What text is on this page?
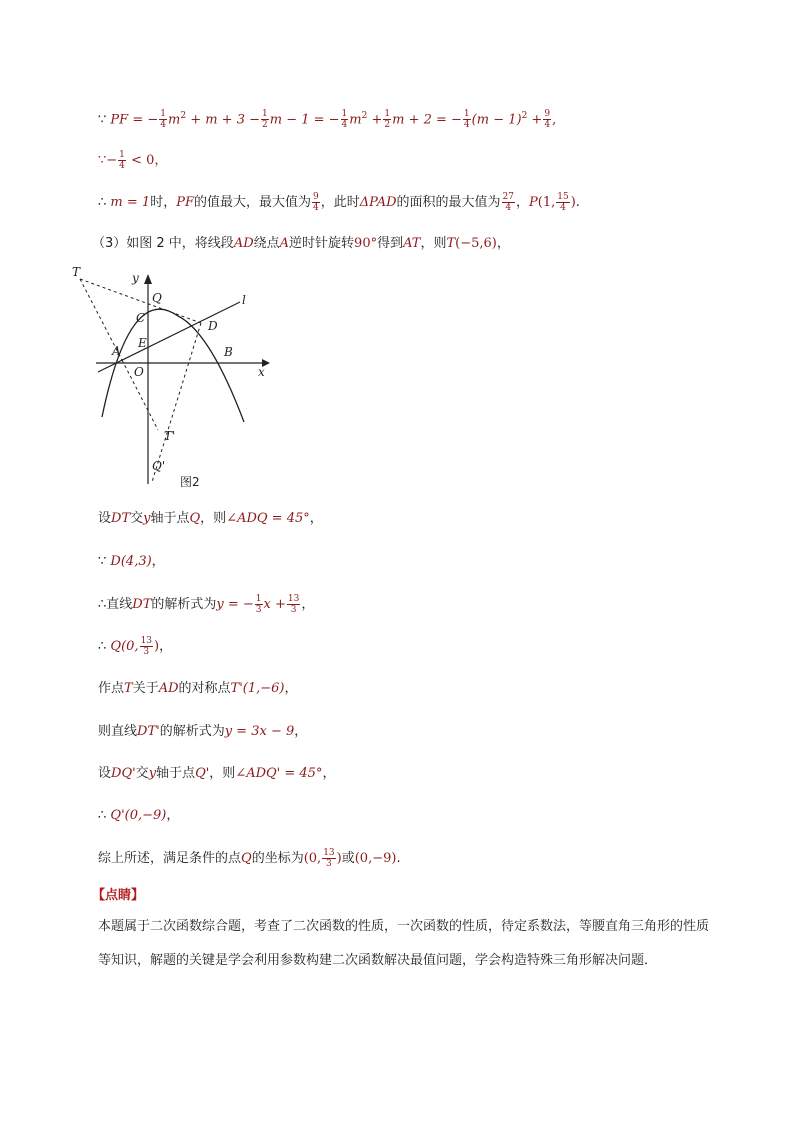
∵ PF = − $\frac{1}{4} m^2 + m + 3 - \frac{1}{2}$ m − 1 = − $\frac{1}{4} m^2 + \frac{1}{2}$ m + 2 = − $\frac{1}{4} (m - 1)^2 + \frac{9}{4}$ ,
∵− $\frac{1}{4} < 0$，
∴ m = 1时，PF的值最大，最大值为 $\frac{9}{4}$ ，此时ΔPAD的面积的最大值为 $\frac{27}{4}$ ，P(1, $\frac{15}{4}$ ).
（3）如图 2 中，将线段AD绕点A逆时针旋转90°得到AT，则T(−5,6)，
T	y
Q	l
C
D
E
A	B
O	x
T'
Q'
图2
设DT交y轴于点Q，则∠ADQ = 45°，
∵ D(4,3)，
∴直线DT的解析式为y = − $\frac{1}{3}$ $x + \frac{13}{3}$ ，
∴ Q(0, $\frac{13}{3}$ )，
作点T关于AD的对称点T'(1,−6)，
则直线DT'的解析式为y = 3x − 9，
设DQ'交y轴于点Q'，则∠ADQ' = 45°，
∴ Q'(0,−9)，
综上所述，满足条件的点Q的坐标为(0, $\frac{13}{3}$ )或(0,−9).
【点睛】
本题属于二次函数综合题，考查了二次函数的性质，一次函数的性质，待定系数法，等腰直角三角形的性质等知识，解题的关键是学会利用参数构建二次函数解决最值问题，学会构造特殊三角形解决问题．
